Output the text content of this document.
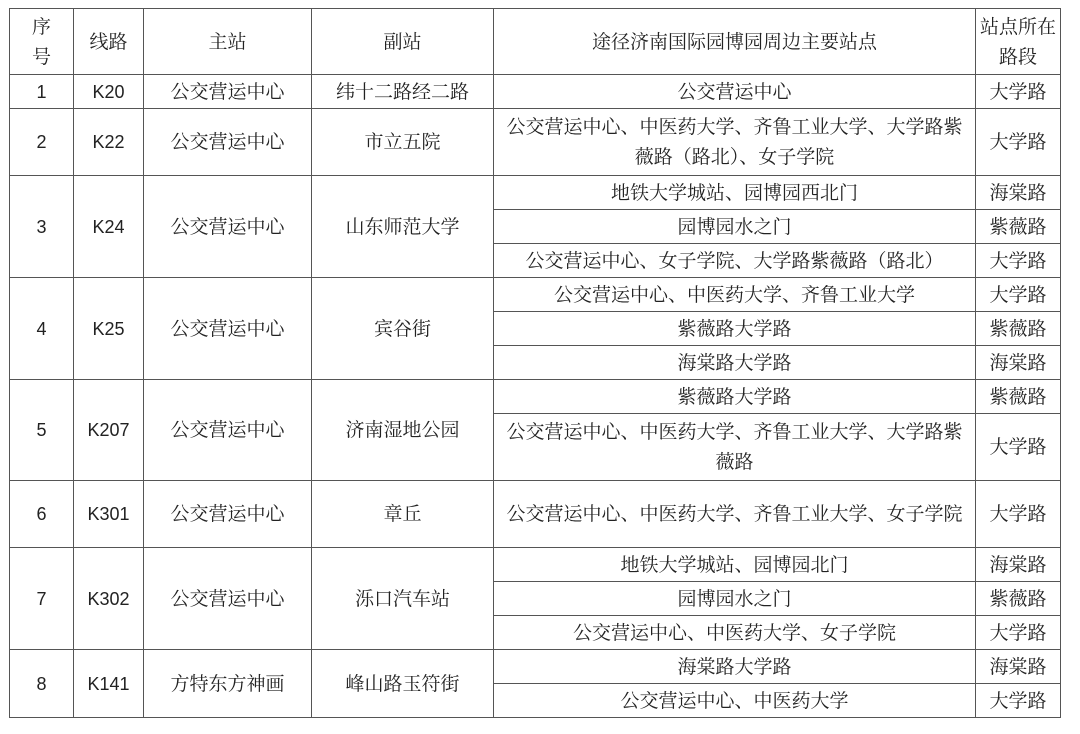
序号	线路	主站	副站	途径济南国际园博园周边主要站点	站点所在路段
1	K20	公交营运中心	纬十二路经二路	公交营运中心	大学路
2	K22	公交营运中心	市立五院	公交营运中心、中医药大学、齐鲁工业大学、大学路紫薇路（路北）、女子学院	大学路
3	K24	公交营运中心	山东师范大学	地铁大学城站、园博园西北门	海棠路
				园博园水之门	紫薇路
				公交营运中心、女子学院、大学路紫薇路（路北）	大学路
4	K25	公交营运中心	宾谷街	公交营运中心、中医药大学、齐鲁工业大学	大学路
				紫薇路大学路	紫薇路
				海棠路大学路	海棠路
5	K207	公交营运中心	济南湿地公园	紫薇路大学路	紫薇路
				公交营运中心、中医药大学、齐鲁工业大学、大学路紫薇路	大学路
6	K301	公交营运中心	章丘	公交营运中心、中医药大学、齐鲁工业大学、女子学院	大学路
7	K302	公交营运中心	泺口汽车站	地铁大学城站、园博园北门	海棠路
				园博园水之门	紫薇路
				公交营运中心、中医药大学、女子学院	大学路
8	K141	方特东方神画	峰山路玉符街	海棠路大学路	海棠路
				公交营运中心、中医药大学	大学路
